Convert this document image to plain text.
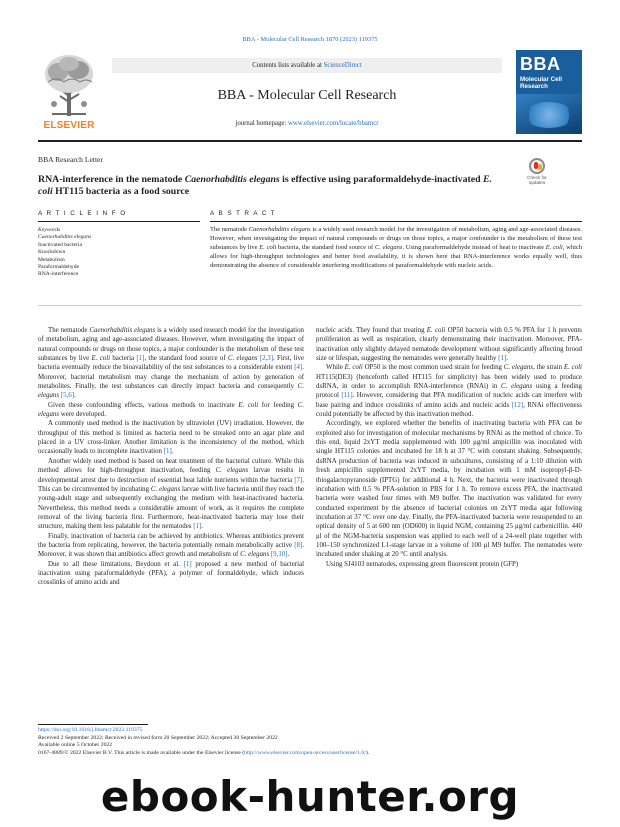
BBA - Molecular Cell Research 1870 (2023) 119375
ELSEVIER
Contents lists available at ScienceDirect
BBA - Molecular Cell Research
journal homepage: www.elsevier.com/locate/bbamcr
BBA
Molecular Cell Research
BBA Research Letter
Check for updates
RNA-interference in the nematode Caenorhabditis elegans is effective using paraformaldehyde-inactivated E. coli HT115 bacteria as a food source
A R T I C L E I N F O	A B S T R A C T
Keywords
Caenorhabditis elegans
Inactivated bacteria
Knockdown
Metabolism
Paraformaldehyde
RNA-interference
The nematode Caenorhabditis elegans is a widely used research model for the investigation of metabolism, aging and age-associated diseases. However, when investigating the impact of natural compounds or drugs on those topics, a major confounder is the metabolism of these test substances by live E. coli bacteria, the standard food source of C. elegans. Using paraformaldehyde instead of heat to inactivate E. coli, which allows for high-throughput technologies and better food availability, it is shown here that RNA-interference works equally well, thus demonstrating the absence of considerable interfering modifications of paraformaldehyde with nucleic acids.

The nematode Caenorhabditis elegans is a widely used research model for the investigation of metabolism, aging and age-associated diseases. However, when investigating the impact of natural compounds or drugs on those topics, a major confounder is the metabolism of these test substances by live E. coli bacteria [1], the standard food source of C. elegans [2,3]. First, live bacteria eventually reduce the bioavailability of the test substances to a considerable extent [4]. Moreover, bacterial metabolism may change the mechanism of action by generation of metabolites. Finally, the test substances can directly impact bacteria and consequently C. elegans [5,6].

Given these confounding effects, various methods to inactivate E. coli for feeding C. elegans were developed.

A commonly used method is the inactivation by ultraviolet (UV) irradiation. However, the throughput of this method is limited as bacteria need to be streaked onto an agar plate and placed in a UV cross-linker. Another limitation is the inconsistency of the method, which occasionally leads to incomplete inactivation [1].

Another widely used method is based on heat treatment of the bacterial culture. While this method allows for high-throughput inactivation, feeding C. elegans larvae results in developmental arrest due to destruction of essential heat labile nutrients within the bacteria [7]. This can be circumvented by incubating C. elegans larvae with live bacteria until they reach the young-adult stage and subsequently exchanging the medium with heat-inactivated bacteria. Nevertheless, this method needs a considerable amount of work, as it requires the complete removal of the living bacteria first. Furthermore, heat-inactivated bacteria may lose their structure, making them less palatable for the nematodes [1].

Finally, inactivation of bacteria can be achieved by antibiotics. Whereas antibiotics prevent the bacteria from replicating, however, the bacteria potentially remain metabolically active [8]. Moreover, it was shown that antibiotics affect growth and metabolism of C. elegans [9,10].

Due to all these limitations, Beydoun et al. [1] proposed a new method of bacterial inactivation using paraformaldehyde (PFA), a polymer of formaldehyde, which induces crosslinks of amino acids and

nucleic acids. They found that treating E. coli OP50 bacteria with 0.5 % PFA for 1 h prevents proliferation as well as respiration, clearly demonstrating their inactivation. Moreover, PFA-inactivation only slightly delayed nematode development without significantly affecting brood size or lifespan, suggesting the nematodes were generally healthy [1].

While E. coli OP50 is the most common used strain for feeding C. elegans, the strain E. coli HT115(DE3) (henceforth called HT115 for simplicity) has been widely used to produce dsRNA, in order to accomplish RNA-interference (RNAi) in C. elegans using a feeding protocol [11]. However, considering that PFA modification of nucleic acids can interfere with base pairing and induce crosslinks of amino acids and nucleic acids [12], RNAi effectiveness could potentially be affected by this inactivation method.

Accordingly, we explored whether the benefits of inactivating bacteria with PFA can be exploited also for investigation of molecular mechanisms by RNAi as the method of choice. To this end, liquid 2xYT media supplemented with 100 μg/ml ampicillin was inoculated with single HT115 colonies and incubated for 18 h at 37 °C with constant shaking. Subsequently, dsRNA production of bacteria was induced in subcultures, consisting of a 1:10 dilution with fresh ampicillin supplemented 2xYT media, by incubation with 1 mM isopropyl-β-D-thiogalactopyranoside (IPTG) for additional 4 h. Next, the bacteria were inactivated through incubation with 0.5 % PFA-solution in PBS for 1 h. To remove excess PFA, the inactivated bacteria were washed four times with M9 buffer. The inactivation was validated for every conducted experiment by the absence of bacterial colonies on 2xYT media agar following incubation at 37 °C over one day. Finally, the PFA-inactivated bacteria were resuspended to an optical density of 5 at 600 nm (OD600) in liquid NGM, containing 25 μg/ml carbenicillin. 440 μl of the NGM-bacteria suspension was applied to each well of a 24-well plate together with 100–150 synchronized L1-stage larvae in a volume of 100 μl M9 buffer. The nematodes were incubated under shaking at 20 °C until analysis.

Using SJ4103 nematodes, expressing green fluorescent protein (GFP)

https://doi.org/10.1016/j.bbamcr.2022.119375
Received 2 September 2022; Received in revised form 20 September 2022; Accepted 30 September 2022
Available online 5 October 2022
0167-4889/© 2022 Elsevier B.V. This article is made available under the Elsevier license (http://www.elsevier.com/open-access/userlicense/1.0/).
ebook-hunter.org
